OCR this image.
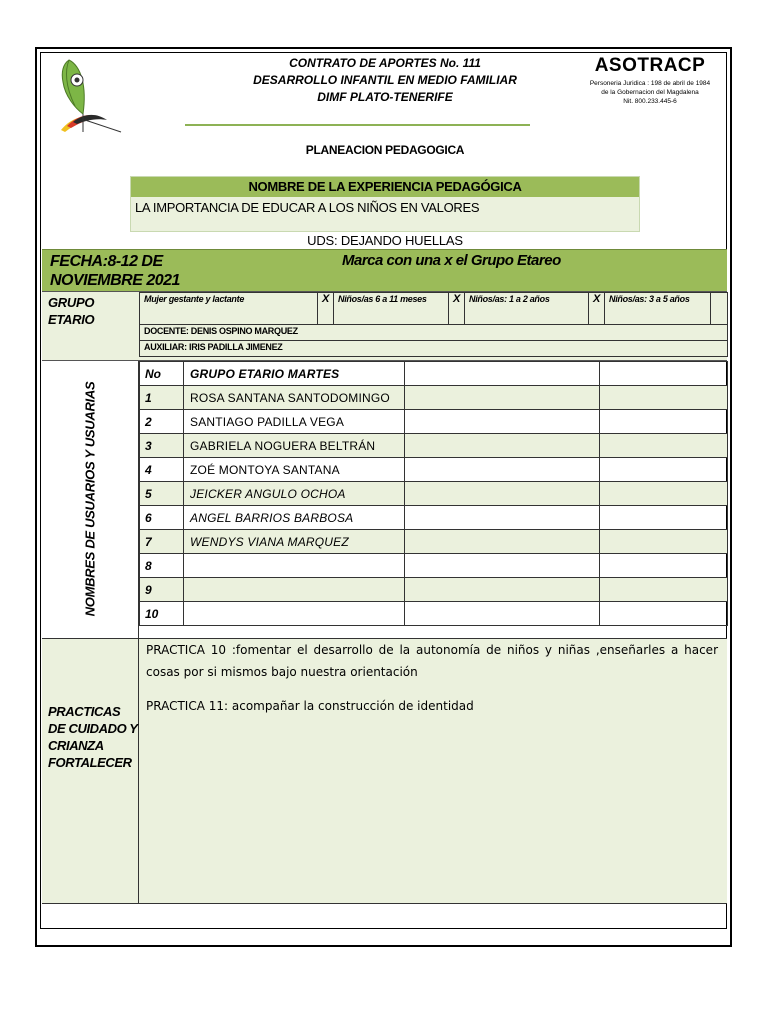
CONTRATO DE APORTES No. 111
DESARROLLO INFANTIL EN MEDIO FAMILIAR
DIMF PLATO-TENERIFE
ASOTRACP
Personeria Juridica : 198 de abril de 1984
de la Gobernacion del Magdalena
Nit. 800.233.445-6
PLANEACION PEDAGOGICA
NOMBRE DE LA EXPERIENCIA PEDAGÓGICA
LA IMPORTANCIA DE EDUCAR A LOS NIÑOS EN VALORES
UDS: DEJANDO HUELLAS
FECHA:8-12 DE NOVIEMBRE 2021
Marca con una x el Grupo Etareo
GRUPO ETARIO
Mujer gestante y lactante	X	Niños/as 6 a 11 meses	X	Niños/as: 1 a 2 años	X	Niños/as: 3 a 5 años	
DOCENTE: DENIS OSPINO MARQUEZ
AUXILIAR: IRIS PADILLA JIMENEZ
NOMBRES DE USUARIOS Y USUARIAS
No	GRUPO ETARIO MARTES		
1	ROSA SANTANA SANTODOMINGO		
2	SANTIAGO PADILLA VEGA		
3	GABRIELA NOGUERA BELTRÁN		
4	ZOÉ MONTOYA SANTANA		
5	JEICKER ANGULO OCHOA		
6	ANGEL BARRIOS BARBOSA		
7	WENDYS VIANA MARQUEZ		
8			
9			
10			
PRACTICAS DE CUIDADO Y CRIANZA FORTALECER

PRACTICA 10 :fomentar el desarrollo de la autonomía de niños y niñas ,enseñarles a hacer cosas por si mismos bajo nuestra orientación

PRACTICA 11: acompañar la construcción de identidad
